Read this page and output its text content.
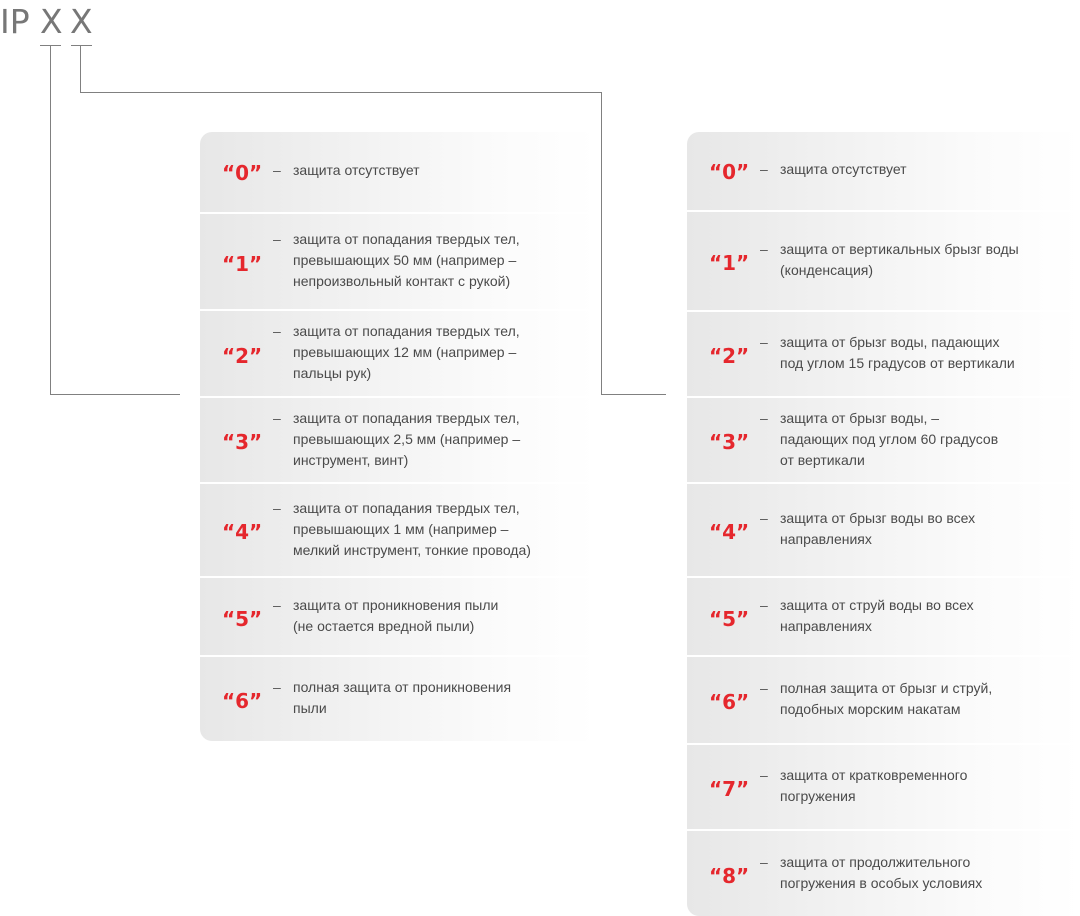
IP

X

X

“0” – защита отсутствует
“1”
– защита от попадания твердых тел,
превышающих 50 мм (например –
непроизвольный контакт с рукой)
“2”
– защита от попадания твердых тел,
превышающих 12 мм (например –
пальцы рук)
“3”
– защита от попадания твердых тел,
превышающих 2,5 мм (например –
инструмент, винт)
“4”
– защита от попадания твердых тел,
превышающих 1 мм (например –
мелкий инструмент, тонкие провода)
“5”
– защита от проникновения пыли
(не остается вредной пыли)
“6”
– полная защита от проникновения
пыли
“0” – защита отсутствует
“1”
– защита от вертикальных брызг воды
(конденсация)
“2”
– защита от брызг воды, падающих
под углом 15 градусов от вертикали
“3”
– защита от брызг воды, –
падающих под углом 60 градусов
от вертикали
“4”
– защита от брызг воды во всех
направлениях
“5”
– защита от струй воды во всех
направлениях
“6”
– полная защита от брызг и струй,
подобных морским накатам
“7”
– защита от кратковременного
погружения
“8”
– защита от продолжительного
погружения в особых условиях
